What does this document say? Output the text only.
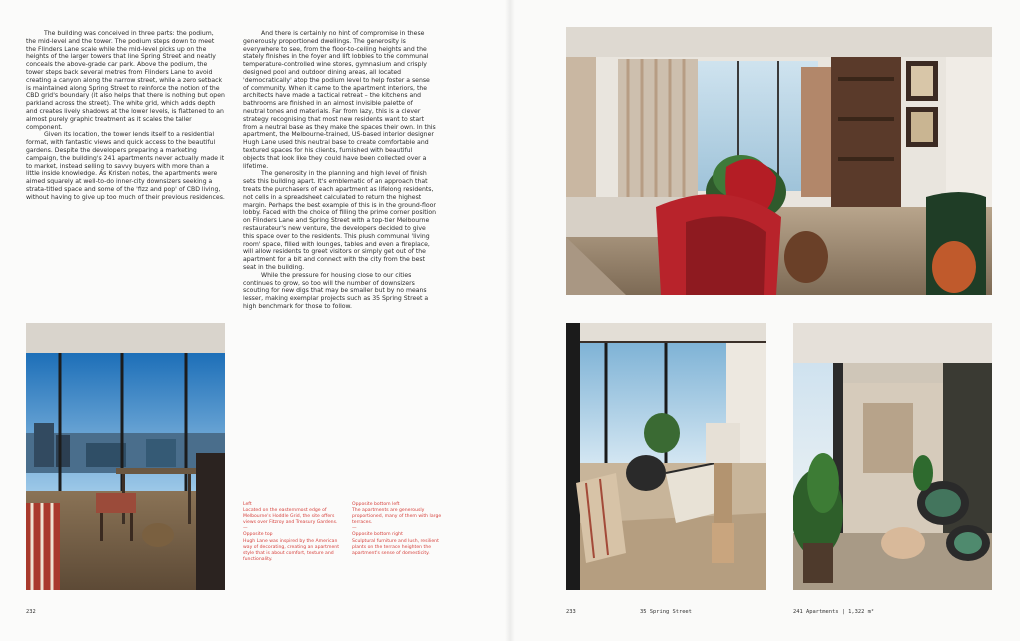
The building was conceived in three parts: the podium, the mid-level and the tower. The podium steps down to meet the Flinders Lane scale while the mid-level picks up on the heights of the larger towers that line Spring Street and neatly conceals the above-grade car park. Above the podium, the tower steps back several metres from Flinders Lane to avoid creating a canyon along the narrow street, while a zero setback is maintained along Spring Street to reinforce the notion of the CBD grid's boundary (it also helps that there is nothing but open parkland across the street). The white grid, which adds depth and creates lively shadows at the lower levels, is flattened to an almost purely graphic treatment as it scales the taller component.

Given its location, the tower lends itself to a residential format, with fantastic views and quick access to the beautiful gardens. Despite the developers preparing a marketing campaign, the building's 241 apartments never actually made it to market, instead selling to savvy buyers with more than a little inside knowledge. As Kristen notes, the apartments were aimed squarely at well-to-do inner-city downsizers seeking a strata-titled space and some of the 'fizz and pop' of CBD living, without having to give up too much of their previous residences.

And there is certainly no hint of compromise in these generously proportioned dwellings. The generosity is everywhere to see, from the floor-to-ceiling heights and the stately finishes in the foyer and lift lobbies to the communal temperature-controlled wine stores, gymnasium and crisply designed pool and outdoor dining areas, all located 'democratically' atop the podium level to help foster a sense of community. When it came to the apartment interiors, the architects have made a tactical retreat – the kitchens and bathrooms are finished in an almost invisible palette of neutral tones and materials. Far from lazy, this is a clever strategy recognising that most new residents want to start from a neutral base as they make the spaces their own. In this apartment, the Melbourne-trained, US-based interior designer Hugh Lane used this neutral base to create comfortable and textured spaces for his clients, furnished with beautiful objects that look like they could have been collected over a lifetime.

The generosity in the planning and high level of finish sets this building apart. It's emblematic of an approach that treats the purchasers of each apartment as lifelong residents, not cells in a spreadsheet calculated to return the highest margin. Perhaps the best example of this is in the ground-floor lobby. Faced with the choice of filling the prime corner position on Flinders Lane and Spring Street with a top-tier Melbourne restaurateur's new venture, the developers decided to give this space over to the residents. This plush communal 'living room' space, filled with lounges, tables and even a fireplace, will allow residents to greet visitors or simply get out of the apartment for a bit and connect with the city from the best seat in the building.

While the pressure for housing close to our cities continues to grow, so too will the number of downsizers scouting for new digs that may be smaller but by no means lesser, making exemplar projects such as 35 Spring Street a high benchmark for those to follow.

Left
Located on the easternmost edge of Melbourne's Hoddle Grid, the site offers views over Fitzroy and Treasury Gardens.
—
Opposite top
Hugh Lane was inspired by the American way of decorating, creating an apartment style that is about comfort, texture and functionality.
Opposite bottom left
The apartments are generously proportioned, many of them with large terraces.
—
Opposite bottom right
Sculptural furniture and lush, resilient plants on the terrace heighten the apartment's sense of domesticity.
232	233	35 Spring Street	241 Apartments | 1,322 m²
